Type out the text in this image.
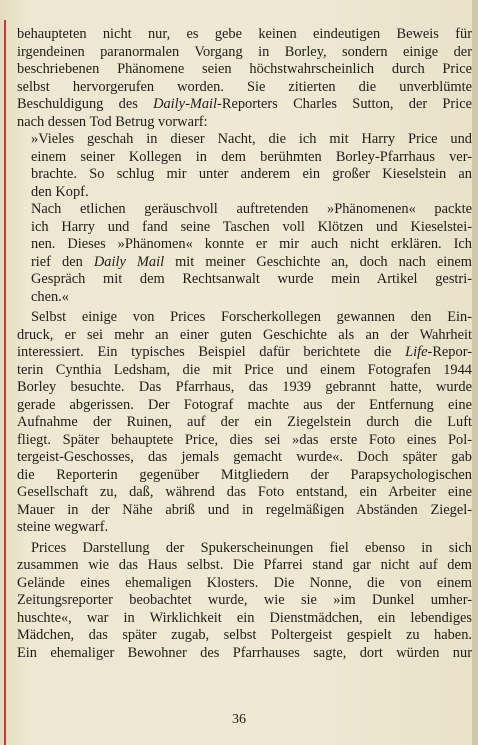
behaupteten nicht nur, es gebe keinen eindeutigen Beweis für
irgendeinen paranormalen Vorgang in Borley, sondern einige der
beschriebenen Phänomene seien höchstwahrscheinlich durch Price
selbst hervorgerufen worden. Sie zitierten die unverblümte
Beschuldigung des Daily-Mail-Reporters Charles Sutton, der Price
nach dessen Tod Betrug vorwarf:
»Vieles geschah in dieser Nacht, die ich mit Harry Price und
einem seiner Kollegen in dem berühmten Borley-Pfarrhaus ver-
brachte. So schlug mir unter anderem ein großer Kieselstein an
den Kopf.
Nach etlichen geräuschvoll auftretenden »Phänomenen« packte
ich Harry und fand seine Taschen voll Klötzen und Kieselstei-
nen. Dieses »Phänomen« konnte er mir auch nicht erklären. Ich
rief den Daily Mail mit meiner Geschichte an, doch nach einem
Gespräch mit dem Rechtsanwalt wurde mein Artikel gestri-
chen.«
Selbst einige von Prices Forscherkollegen gewannen den Ein-
druck, er sei mehr an einer guten Geschichte als an der Wahrheit
interessiert. Ein typisches Beispiel dafür berichtete die Life-Repor-
terin Cynthia Ledsham, die mit Price und einem Fotografen 1944
Borley besuchte. Das Pfarrhaus, das 1939 gebrannt hatte, wurde
gerade abgerissen. Der Fotograf machte aus der Entfernung eine
Aufnahme der Ruinen, auf der ein Ziegelstein durch die Luft
fliegt. Später behauptete Price, dies sei »das erste Foto eines Pol-
tergeist-Geschosses, das jemals gemacht wurde«. Doch später gab
die Reporterin gegenüber Mitgliedern der Parapsychologischen
Gesellschaft zu, daß, während das Foto entstand, ein Arbeiter eine
Mauer in der Nähe abriß und in regelmäßigen Abständen Ziegel-
steine wegwarf.
Prices Darstellung der Spukerscheinungen fiel ebenso in sich
zusammen wie das Haus selbst. Die Pfarrei stand gar nicht auf dem
Gelände eines ehemaligen Klosters. Die Nonne, die von einem
Zeitungsreporter beobachtet wurde, wie sie »im Dunkel umher-
huschte«, war in Wirklichkeit ein Dienstmädchen, ein lebendiges
Mädchen, das später zugab, selbst Poltergeist gespielt zu haben.
Ein ehemaliger Bewohner des Pfarrhauses sagte, dort würden nur
36
